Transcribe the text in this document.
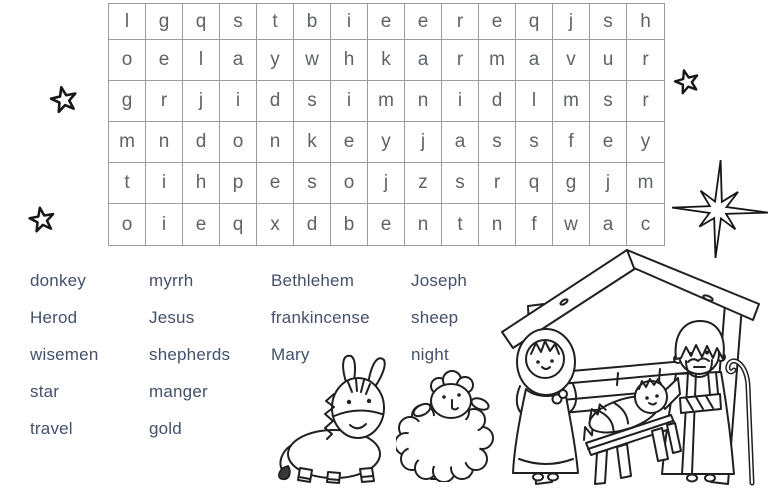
l	g	q	s	t	b	i	e	e	r	e	q	j	s	h
o	e	l	a	y	w	h	k	a	r	m	a	v	u	r
g	r	j	i	d	s	i	m	n	i	d	l	m	s	r
m	n	d	o	n	k	e	y	j	a	s	s	f	e	y
t	i	h	p	e	s	o	j	z	s	r	q	g	j	m
o	i	e	q	x	d	b	e	n	t	n	f	w	a	c
donkey
Herod
wisemen
star
travel
myrrh
Jesus
shepherds
manger
gold
Bethlehem
frankincense
Mary
Joseph
sheep
night
